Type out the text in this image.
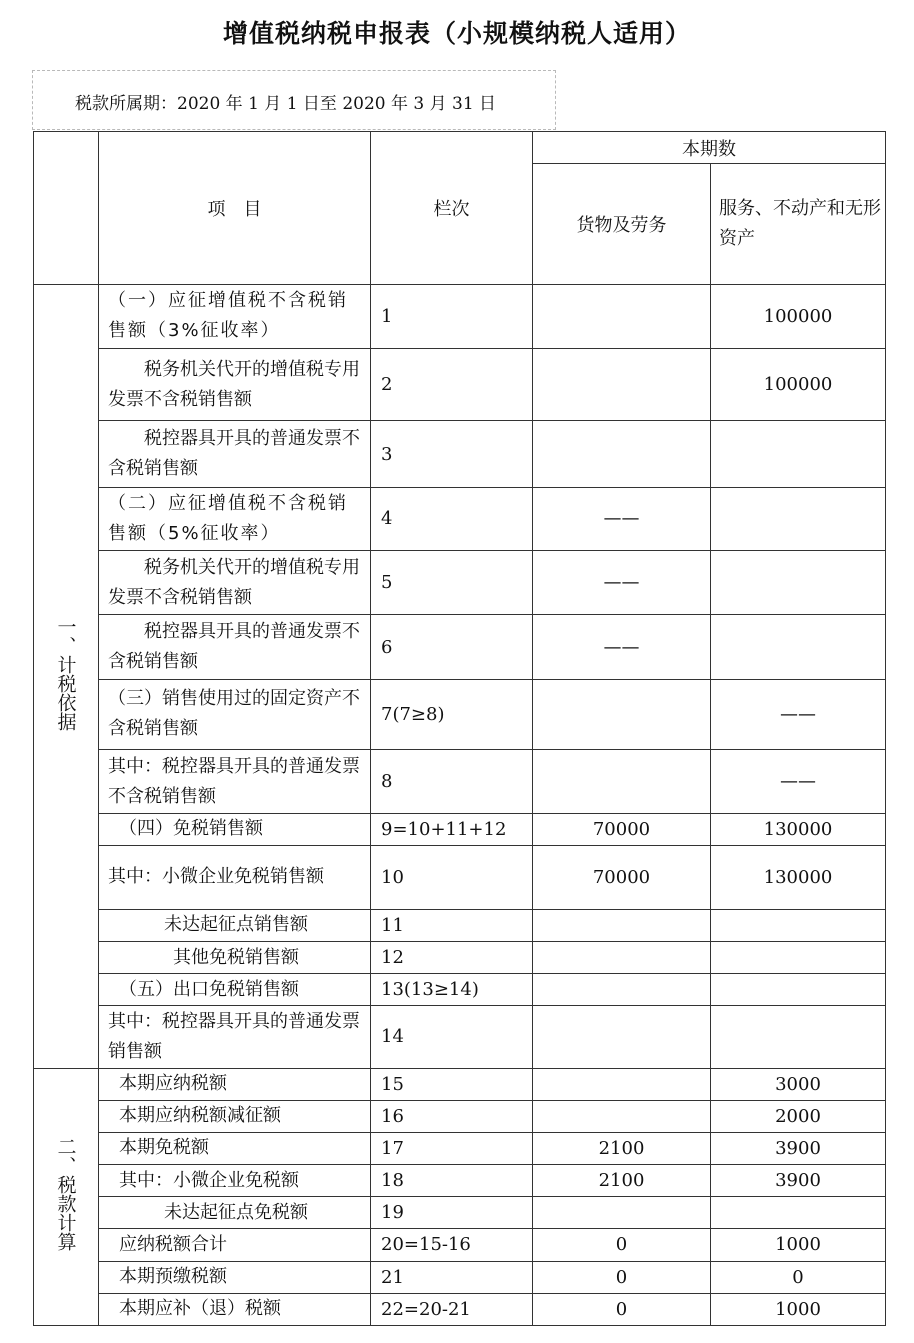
增值税纳税申报表（小规模纳税人适用）
税款所属期：2020 年 1 月 1 日至 2020 年 3 月 31 日
	项　目	栏次	本期数	
			货物及劳务	服务、不动产和无形资产
一、计税依据	（一）应征增值税不含税销售额（3%征收率）	1		100000
	税务机关代开的增值税专用发票不含税销售额	2		100000
	税控器具开具的普通发票不含税销售额	3		
	（二）应征增值税不含税销售额（5%征收率）	4	——	
	税务机关代开的增值税专用发票不含税销售额	5	——	
	税控器具开具的普通发票不含税销售额	6	——	
	（三）销售使用过的固定资产不含税销售额	7(7≥8)		——
	其中：税控器具开具的普通发票不含税销售额	8		——
	（四）免税销售额	9=10+11+12	70000	130000
	其中：小微企业免税销售额	10	70000	130000
	未达起征点销售额	11		
	其他免税销售额	12		
	（五）出口免税销售额	13(13≥14)		
	其中：税控器具开具的普通发票销售额	14		
二、税款计算	本期应纳税额	15		3000
	本期应纳税额减征额	16		2000
	本期免税额	17	2100	3900
	其中：小微企业免税额	18	2100	3900
	未达起征点免税额	19		
	应纳税额合计	20=15-16	0	1000
	本期预缴税额	21	0	0
	本期应补（退）税额	22=20-21	0	1000
